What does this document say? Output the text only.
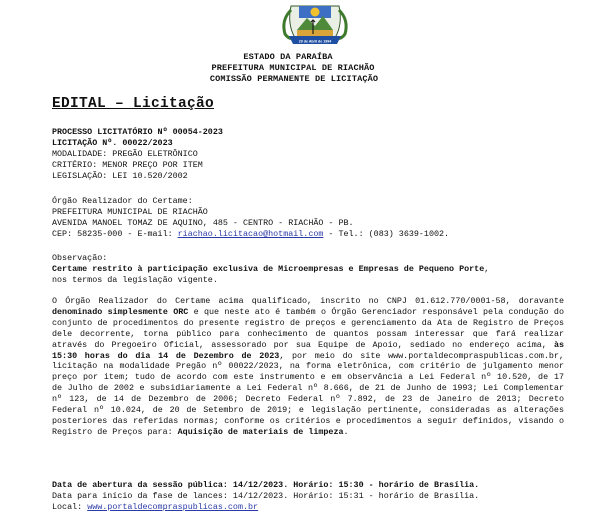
29 de Abril de 1994
ESTADO DA PARAÍBA
PREFEITURA MUNICIPAL DE RIACHÃO
COMISSÃO PERMANENTE DE LICITAÇÃO
EDITAL – Licitação
PROCESSO LICITATÓRIO Nº 00054-2023
LICITAÇÃO Nº. 00022/2023
MODALIDADE: PREGÃO ELETRÔNICO
CRITÉRIO: MENOR PREÇO POR ITEM
LEGISLAÇÃO: LEI 10.520/2002
Órgão Realizador do Certame:
PREFEITURA MUNICIPAL DE RIACHÃO
AVENIDA MANOEL TOMAZ DE AQUINO, 485 - CENTRO - RIACHÃO - PB.
CEP: 58235-000 - E-mail: riachao.licitacao@hotmail.com - Tel.: (083) 3639-1002.
Observação:
Certame restrito à participação exclusiva de Microempresas e Empresas de Pequeno Porte,
nos termos da legislação vigente.

O Órgão Realizador do Certame acima qualificado, inscrito no CNPJ 01.612.770/0001-58, doravante denominado simplesmente ORC e que neste ato é também o Órgão Gerenciador responsável pela condução do conjunto de procedimentos do presente registro de preços e gerenciamento da Ata de Registro de Preços dele decorrente, torna público para conhecimento de quantos possam interessar que fará realizar através do Pregoeiro Oficial, assessorado por sua Equipe de Apoio, sediado no endereço acima, às 15:30 horas do dia 14 de Dezembro de 2023, por meio do site www.portaldecompraspublicas.com.br, licitação na modalidade Pregão nº 00022/2023, na forma eletrônica, com critério de julgamento menor preço por item; tudo de acordo com este instrumento e em observância a Lei Federal nº 10.520, de 17 de Julho de 2002 e subsidiariamente a Lei Federal nº 8.666, de 21 de Junho de 1993; Lei Complementar nº 123, de 14 de Dezembro de 2006; Decreto Federal nº 7.892, de 23 de Janeiro de 2013; Decreto Federal nº 10.024, de 20 de Setembro de 2019; e legislação pertinente, consideradas as alterações posteriores das referidas normas; conforme os critérios e procedimentos a seguir definidos, visando o Registro de Preços para: Aquisição de materiais de limpeza.

Data de abertura da sessão pública: 14/12/2023. Horário: 15:30 - horário de Brasília.
Data para início da fase de lances: 14/12/2023. Horário: 15:31 - horário de Brasília.
Local: www.portaldecompraspublicas.com.br
